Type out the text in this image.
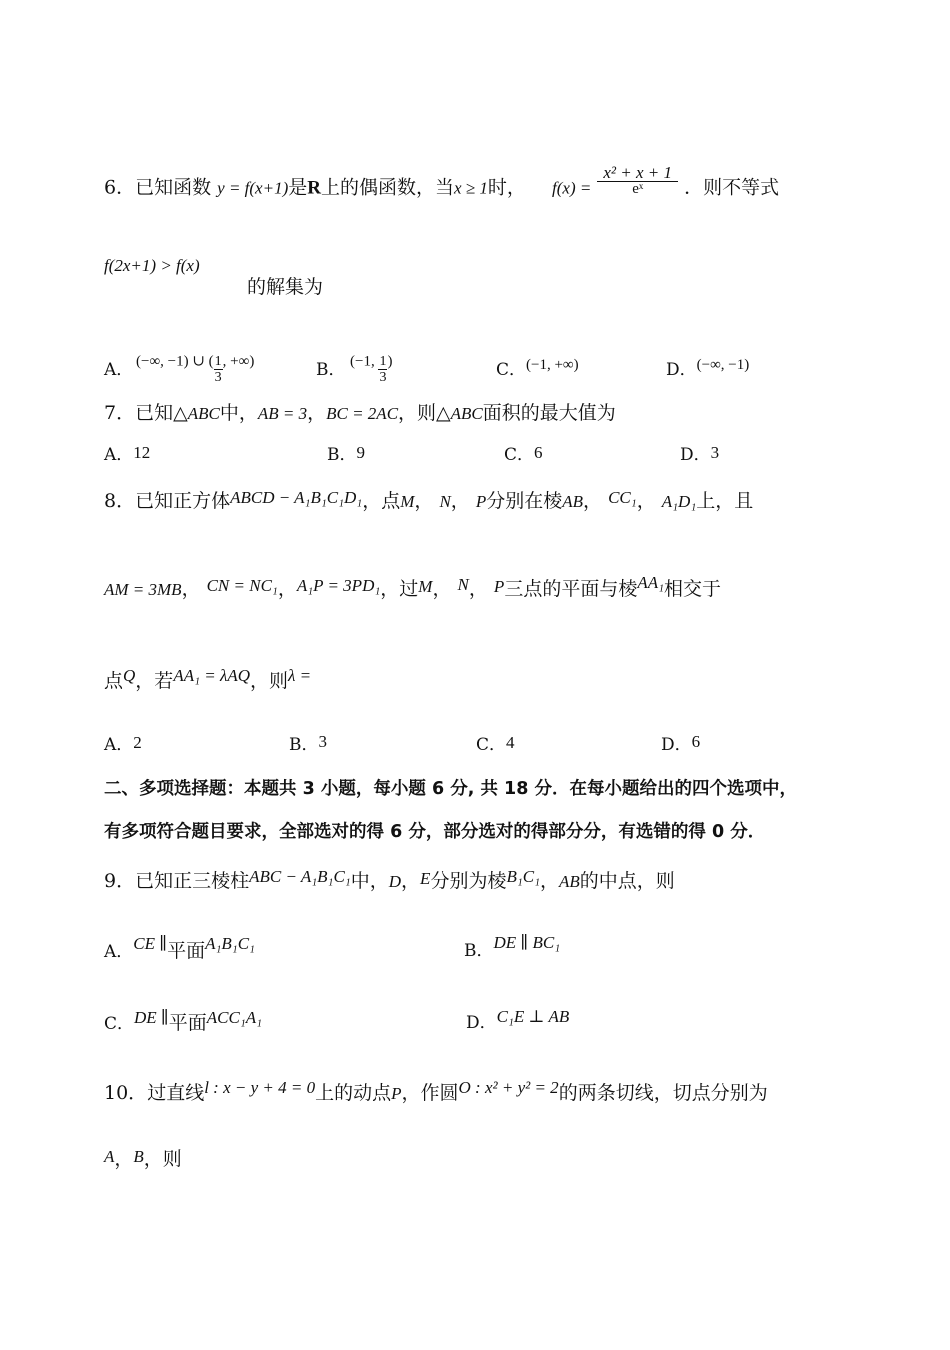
6．已知函数 y = f(x+1)是R上的偶函数，当x ≥ 1时， $f(x) = \frac{\text{x² + x + 1}}{\text{eˣ}}$ ．则不等式
f(2x+1) > f(x)
的解集为
A． (−∞, −1) ∪ ( $\frac{1}{3}$ , +∞)	B． (−1, $\frac{1}{3}$ )	C．(−1, +∞)	D．(−∞, −1)
7．已知△ABC中，AB = 3，BC = 2AC，则△ABC面积的最大值为
A．12	B．9	C．6	D．3
8．已知正方体ABCD − A₁B₁C₁D₁，点M， N， P分别在棱AB， CC₁， A₁D₁上，且
AM = 3MB， CN = NC₁，A₁P = 3PD₁，过M， N， P三点的平面与棱AA₁相交于
点Q，若AA₁ = λAQ，则λ =
A．2	B．3	C．4	D．6
二、多项选择题：本题共 3 小题，每小题 6 分, 共 18 分．在每小题给出的四个选项中，
有多项符合题目要求，全部选对的得 6 分，部分选对的得部分分，有选错的得 0 分．
9．已知正三棱柱ABC − A₁B₁C₁中，D，E分别为棱B₁C₁，AB的中点，则
A．CE ∥平面A₁B₁C₁	B．DE ∥ BC₁
C．DE ∥平面ACC₁A₁	D．C₁E ⊥ AB
10．过直线l : x − y + 4 = 0上的动点P，作圆O : x² + y² = 2的两条切线，切点分别为
A，B，则
